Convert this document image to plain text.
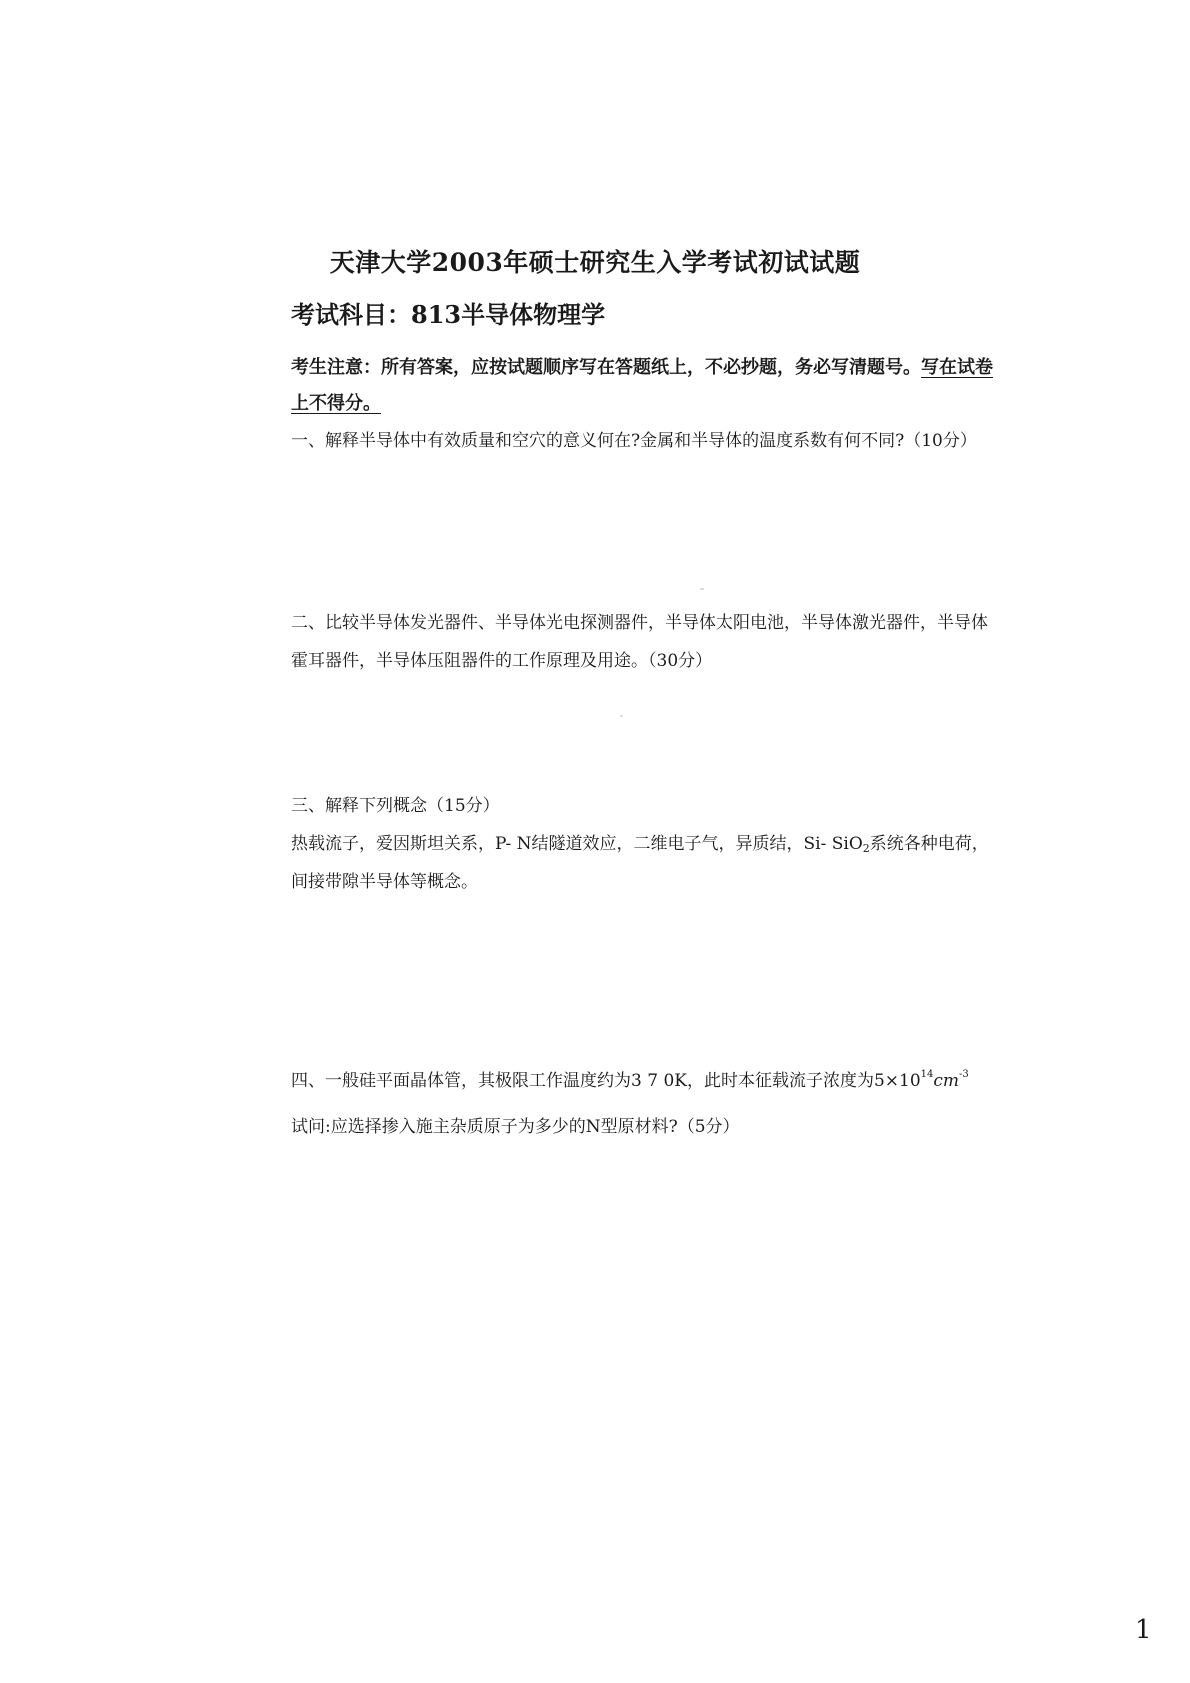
天津大学2003年硕士研究生入学考试初试试题
考试科目：813半导体物理学
考生注意：所有答案，应按试题顺序写在答题纸上，不必抄题，务必写清题号。写在试卷上不得分。
一、解释半导体中有效质量和空穴的意义何在?金属和半导体的温度系数有何不同?（10分）
二、比较半导体发光器件、半导体光电探测器件，半导体太阳电池，半导体激光器件，半导体霍耳器件，半导体压阻器件的工作原理及用途。（30分）
三、解释下列概念（15分）
热载流子，爱因斯坦关系，P- N结隧道效应，二维电子气，异质结，Si- SiO$_2$系统各种电荷，间接带隙半导体等概念。
四、一般硅平面晶体管，其极限工作温度约为3 7 0K，此时本征载流子浓度为$5\times 10^{14}cm^{-3}$
试问:应选择掺入施主杂质原子为多少的N型原材料?（5分）
1
